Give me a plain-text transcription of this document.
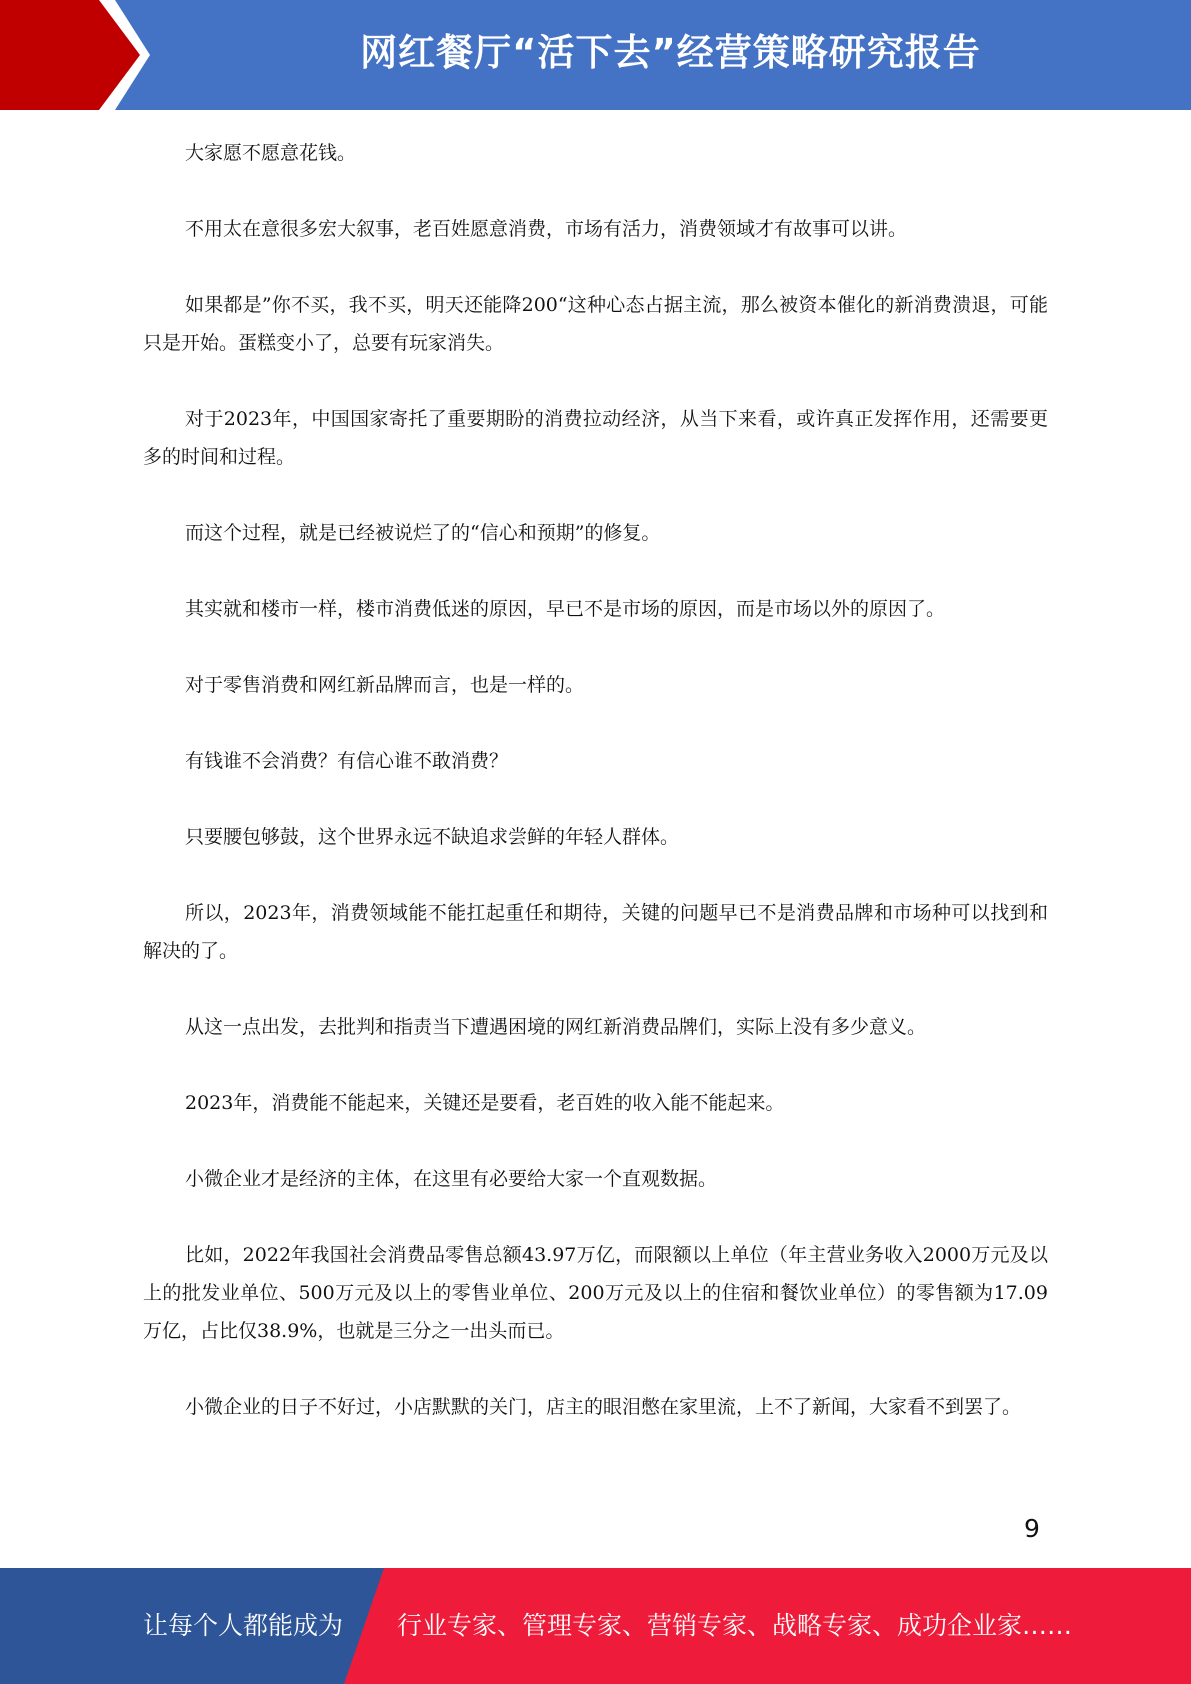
网红餐厅“活下去”经营策略研究报告

大家愿不愿意花钱。

不用太在意很多宏大叙事，老百姓愿意消费，市场有活力，消费领域才有故事可以讲。

如果都是”你不买，我不买，明天还能降200“这种心态占据主流，那么被资本催化的新消费溃退，可能只是开始。蛋糕变小了，总要有玩家消失。

对于2023年，中国国家寄托了重要期盼的消费拉动经济，从当下来看，或许真正发挥作用，还需要更多的时间和过程。

而这个过程，就是已经被说烂了的“信心和预期”的修复。

其实就和楼市一样，楼市消费低迷的原因，早已不是市场的原因，而是市场以外的原因了。

对于零售消费和网红新品牌而言，也是一样的。

有钱谁不会消费？有信心谁不敢消费？

只要腰包够鼓，这个世界永远不缺追求尝鲜的年轻人群体。

所以，2023年，消费领域能不能扛起重任和期待，关键的问题早已不是消费品牌和市场种可以找到和解决的了。

从这一点出发，去批判和指责当下遭遇困境的网红新消费品牌们，实际上没有多少意义。

2023年，消费能不能起来，关键还是要看，老百姓的收入能不能起来。

小微企业才是经济的主体，在这里有必要给大家一个直观数据。

比如，2022年我国社会消费品零售总额43.97万亿，而限额以上单位（年主营业务收入2000万元及以上的批发业单位、500万元及以上的零售业单位、200万元及以上的住宿和餐饮业单位）的零售额为17.09万亿，占比仅38.9%，也就是三分之一出头而已。

小微企业的日子不好过，小店默默的关门，店主的眼泪憋在家里流，上不了新闻，大家看不到罢了。

9
让每个人都能成为 行业专家、管理专家、营销专家、战略专家、成功企业家……
